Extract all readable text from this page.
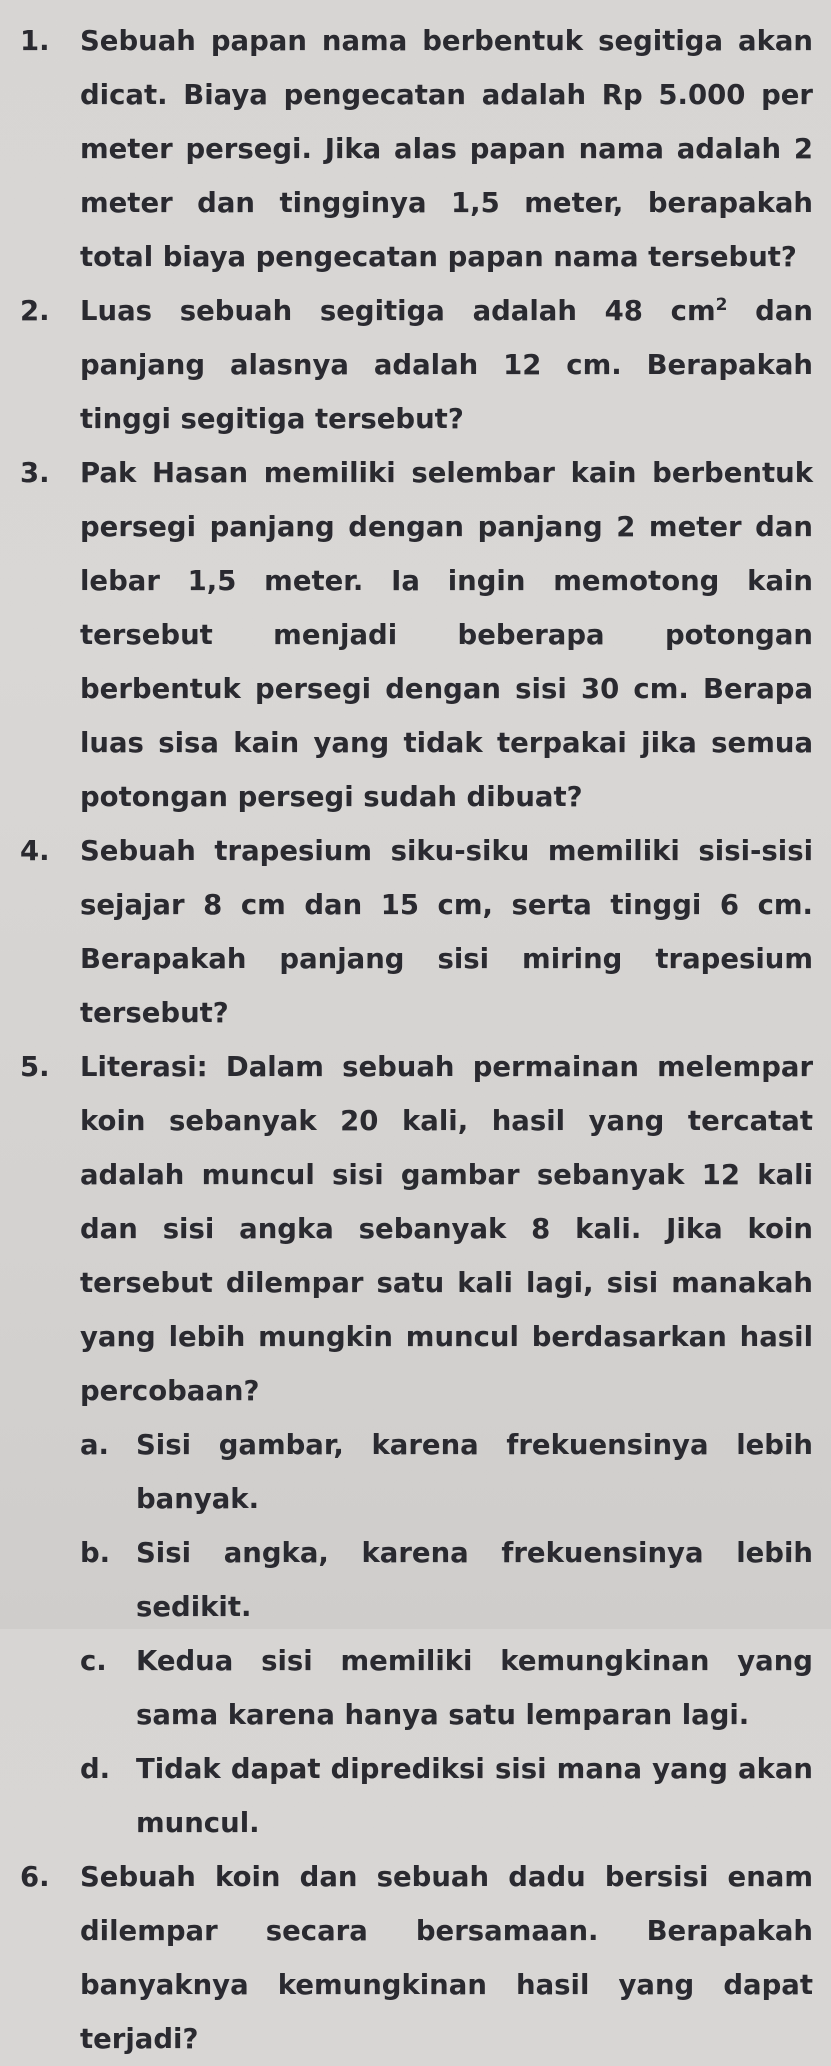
1.	Sebuah papan nama berbentuk segitiga akan dicat. Biaya pengecatan adalah Rp 5.000 per meter persegi. Jika alas papan nama adalah 2 meter dan tingginya 1,5 meter, berapakah total biaya pengecatan papan nama tersebut?
2.	Luas sebuah segitiga adalah 48 $cm^2$ dan panjang alasnya adalah 12 cm. Berapakah tinggi segitiga tersebut?
3.	Pak Hasan memiliki selembar kain berbentuk persegi panjang dengan panjang 2 meter dan lebar 1,5 meter. Ia ingin memotong kain tersebut menjadi beberapa potongan berbentuk persegi dengan sisi 30 cm. Berapa luas sisa kain yang tidak terpakai jika semua potongan persegi sudah dibuat?
4.	Sebuah trapesium siku-siku memiliki sisi-sisi sejajar 8 cm dan 15 cm, serta tinggi 6 cm. Berapakah panjang sisi miring trapesium tersebut?
5.	Literasi: Dalam sebuah permainan melempar koin sebanyak 20 kali, hasil yang tercatat adalah muncul sisi gambar sebanyak 12 kali dan sisi angka sebanyak 8 kali. Jika koin tersebut dilempar satu kali lagi, sisi manakah yang lebih mungkin muncul berdasarkan hasil percobaan?
a. Sisi gambar, karena frekuensinya lebih banyak.
b. Sisi angka, karena frekuensinya lebih sedikit.
c. Kedua sisi memiliki kemungkinan yang sama karena hanya satu lemparan lagi.
d. Tidak dapat diprediksi sisi mana yang akan muncul.
6.	Sebuah koin dan sebuah dadu bersisi enam dilempar secara bersamaan. Berapakah banyaknya kemungkinan hasil yang dapat terjadi?
